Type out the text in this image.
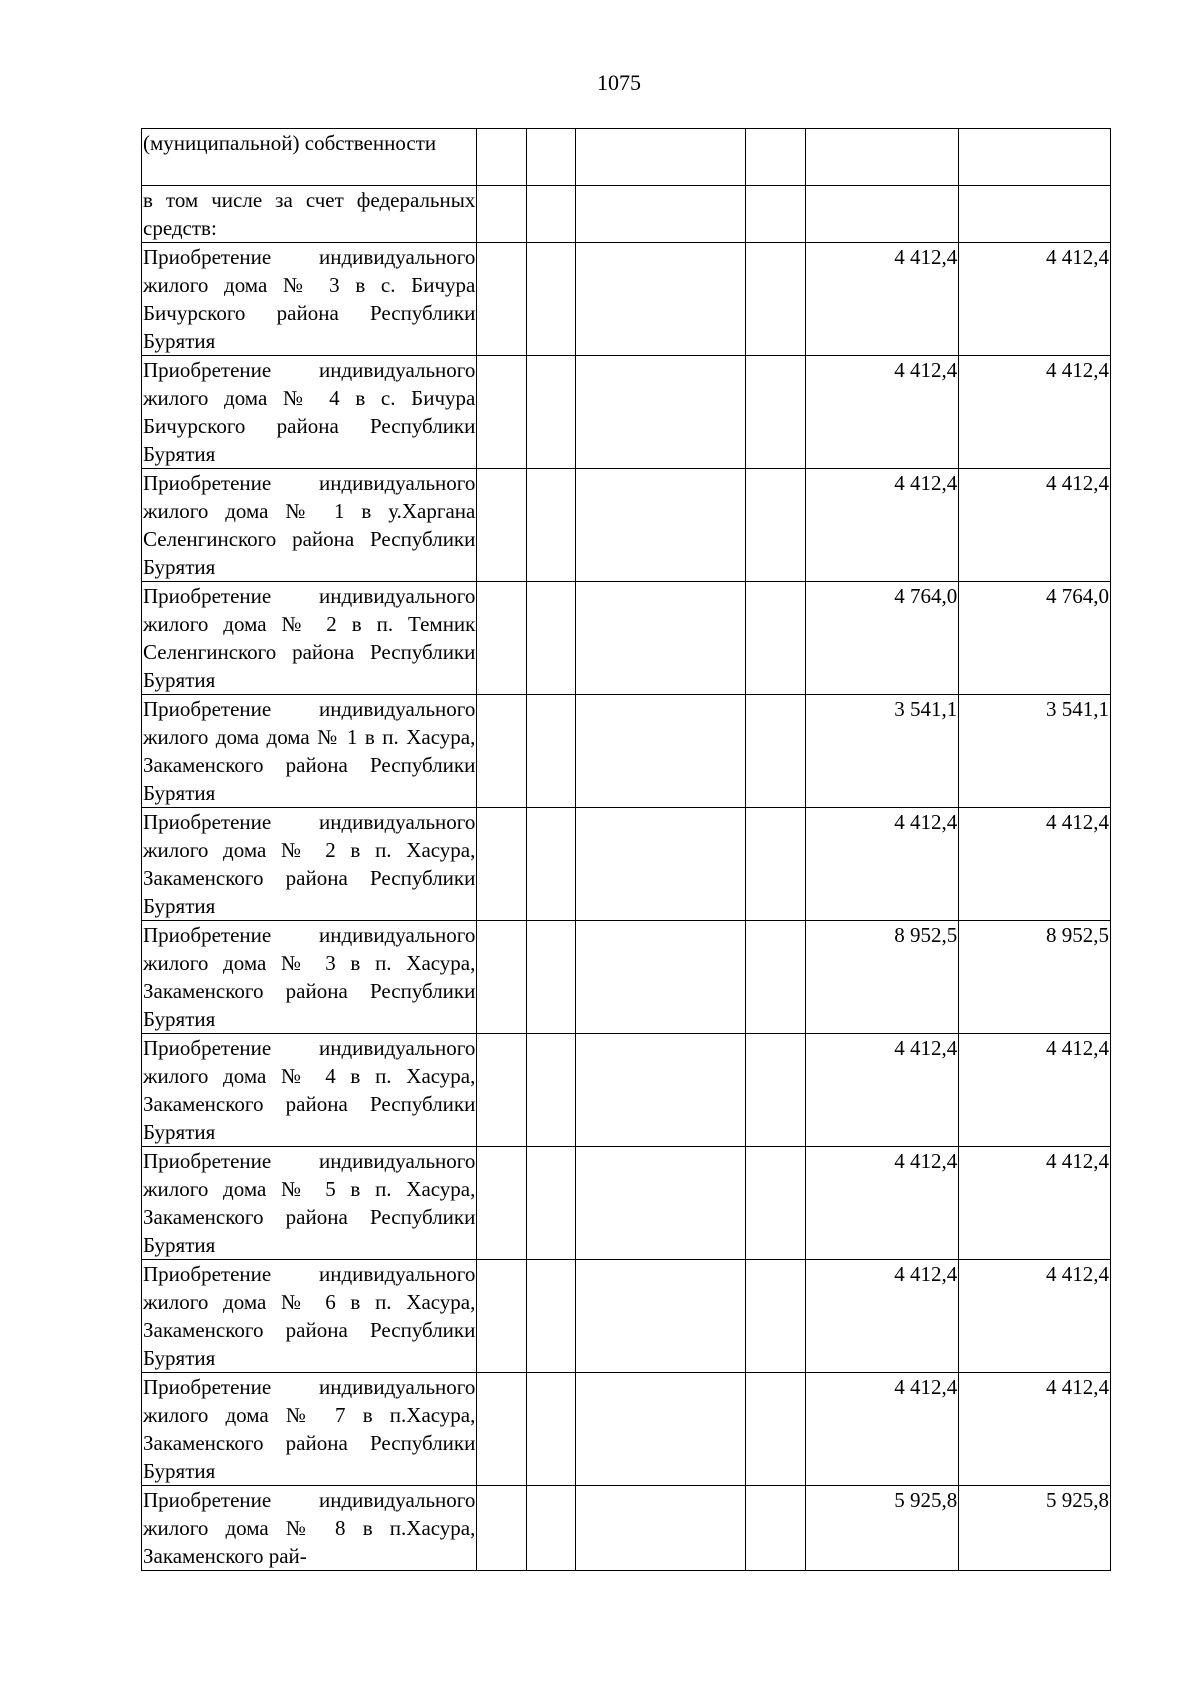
1075
(муниципальной) собственности						
в том числе за счет федеральных средств:						
Приобретение индивидуального жилого дома № 3 в с. Бичура Бичурского района Республики Бурятия					4 412,4	4 412,4
Приобретение индивидуального жилого дома № 4 в с. Бичура Бичурского района Республики Бурятия					4 412,4	4 412,4
Приобретение индивидуального жилого дома № 1 в у.Харгана Селенгинского района Республики Бурятия					4 412,4	4 412,4
Приобретение индивидуального жилого дома № 2 в п. Темник Селенгинского района Республики Бурятия					4 764,0	4 764,0
Приобретение индивидуального жилого дома дома № 1 в п. Хасура, Закаменского района Республики Бурятия					3 541,1	3 541,1
Приобретение индивидуального жилого дома № 2 в п. Хасура, Закаменского района Республики Бурятия					4 412,4	4 412,4
Приобретение индивидуального жилого дома № 3 в п. Хасура, Закаменского района Республики Бурятия					8 952,5	8 952,5
Приобретение индивидуального жилого дома № 4 в п. Хасура, Закаменского района Республики Бурятия					4 412,4	4 412,4
Приобретение индивидуального жилого дома № 5 в п. Хасура, Закаменского района Республики Бурятия					4 412,4	4 412,4
Приобретение индивидуального жилого дома № 6 в п. Хасура, Закаменского района Республики Бурятия					4 412,4	4 412,4
Приобретение индивидуального жилого дома № 7 в п.Хасура, Закаменского района Республики Бурятия					4 412,4	4 412,4
Приобретение индивидуального жилого дома № 8 в п.Хасура, Закаменского рай-					5 925,8	5 925,8
